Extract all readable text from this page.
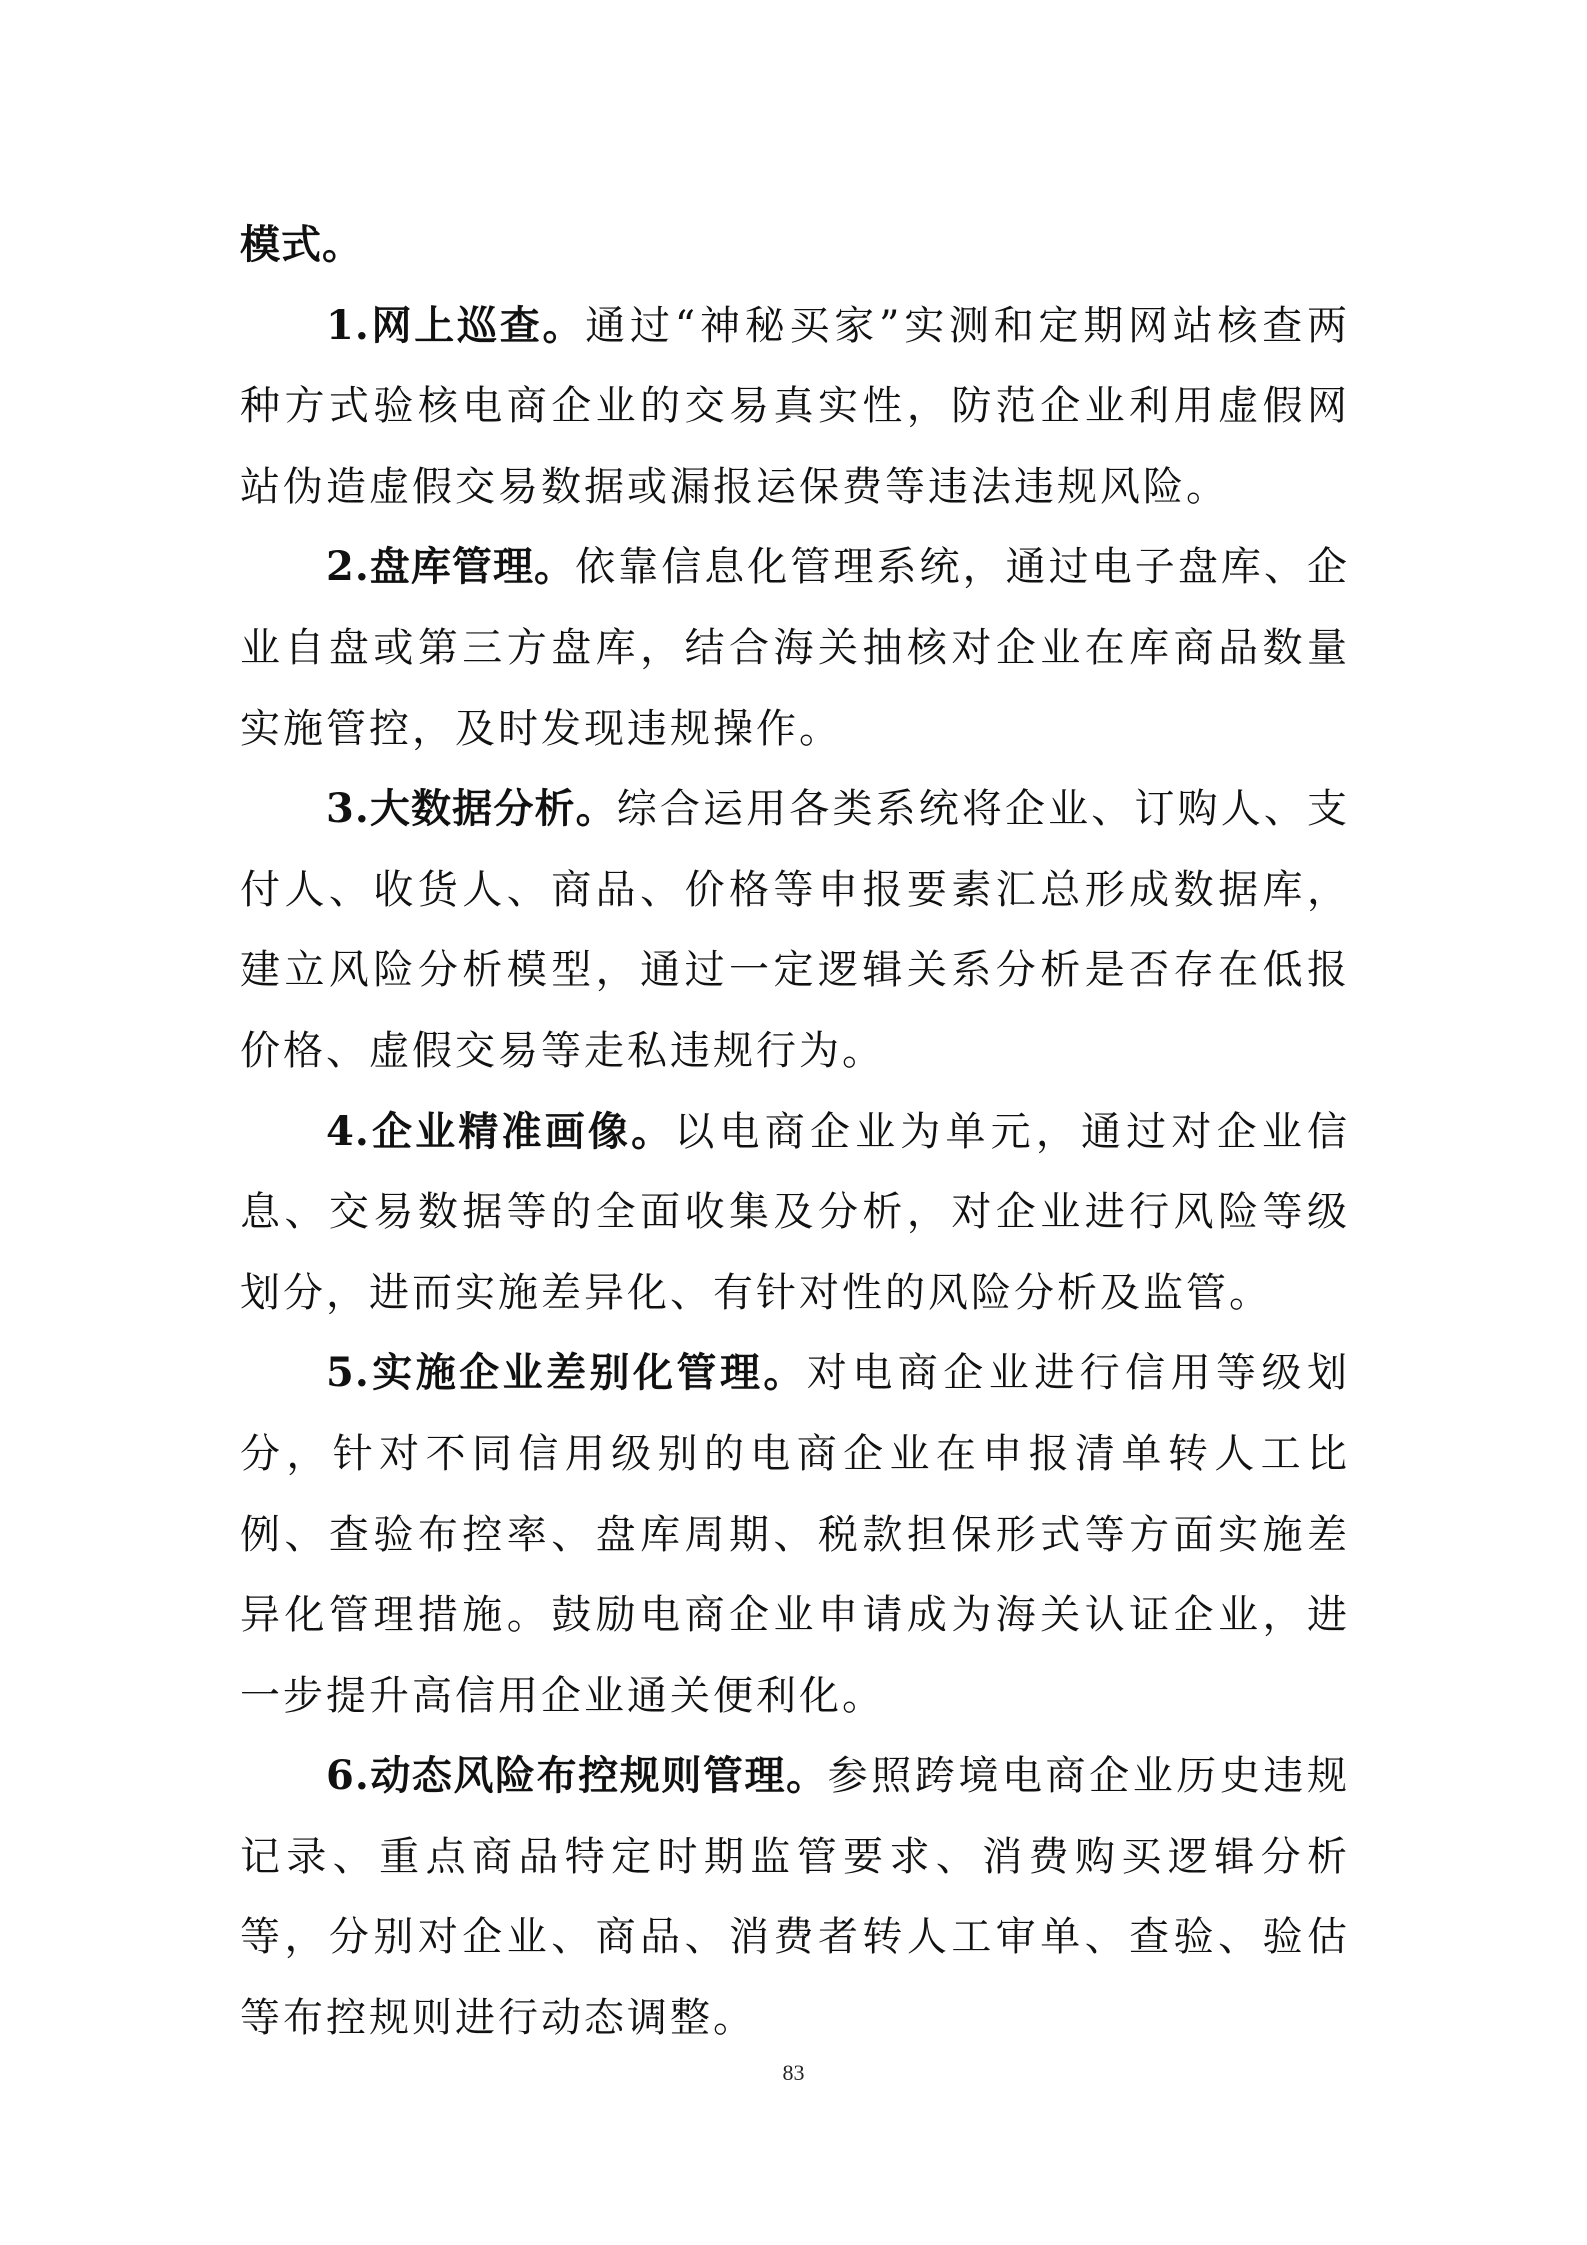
模式。

1.网上巡查。通过“神秘买家”实测和定期网站核查两种方式验核电商企业的交易真实性，防范企业利用虚假网站伪造虚假交易数据或漏报运保费等违法违规风险。

2.盘库管理。依靠信息化管理系统，通过电子盘库、企业自盘或第三方盘库，结合海关抽核对企业在库商品数量实施管控，及时发现违规操作。

3.大数据分析。综合运用各类系统将企业、订购人、支付人、收货人、商品、价格等申报要素汇总形成数据库，建立风险分析模型，通过一定逻辑关系分析是否存在低报价格、虚假交易等走私违规行为。

4.企业精准画像。以电商企业为单元，通过对企业信息、交易数据等的全面收集及分析，对企业进行风险等级划分，进而实施差异化、有针对性的风险分析及监管。

5.实施企业差别化管理。对电商企业进行信用等级划分，针对不同信用级别的电商企业在申报清单转人工比例、查验布控率、盘库周期、税款担保形式等方面实施差异化管理措施。鼓励电商企业申请成为海关认证企业，进一步提升高信用企业通关便利化。

6.动态风险布控规则管理。参照跨境电商企业历史违规记录、重点商品特定时期监管要求、消费购买逻辑分析等，分别对企业、商品、消费者转人工审单、查验、验估等布控规则进行动态调整。

83
